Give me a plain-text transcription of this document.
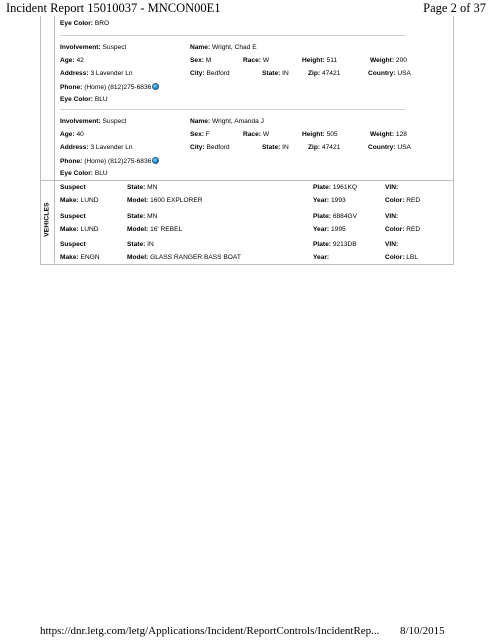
Incident Report 15010037 - MNCON00E1	Page 2 of 37
Eye Color: BRO
Involvement: Suspect	Name: Wright, Chad E
Age: 42	Sex: M	Race: W	Height: 511	Weight: 200
Address: 3 Lavender Ln	City: Bedford	State: IN	Zip: 47421	Country: USA
Phone: (Home) (812)275-6836
Eye Color: BLU
Involvement: Suspect	Name: Wright, Amanda J
Age: 40	Sex: F	Race: W	Height: 505	Weight: 128
Address: 3 Lavender Ln	City: Bedford	State: IN	Zip: 47421	Country: USA
Phone: (Home) (812)275-6836
Eye Color: BLU
VEHICLES
Suspect	State: MN	Plate: 1961KQ	VIN:
Make: LUND	Model: 1600 EXPLORER	Year: 1993	Color: RED
Suspect	State: MN	Plate: 6884GV	VIN:
Make: LUND	Model: 16' REBEL	Year: 1995	Color: RED
Suspect	State: IN	Plate: 9213DB	VIN:
Make: ENGN	Model: GLASS RANGER BASS BOAT	Year:	Color: LBL
https://dnr.letg.com/letg/Applications/Incident/ReportControls/IncidentRep... 8/10/2015
